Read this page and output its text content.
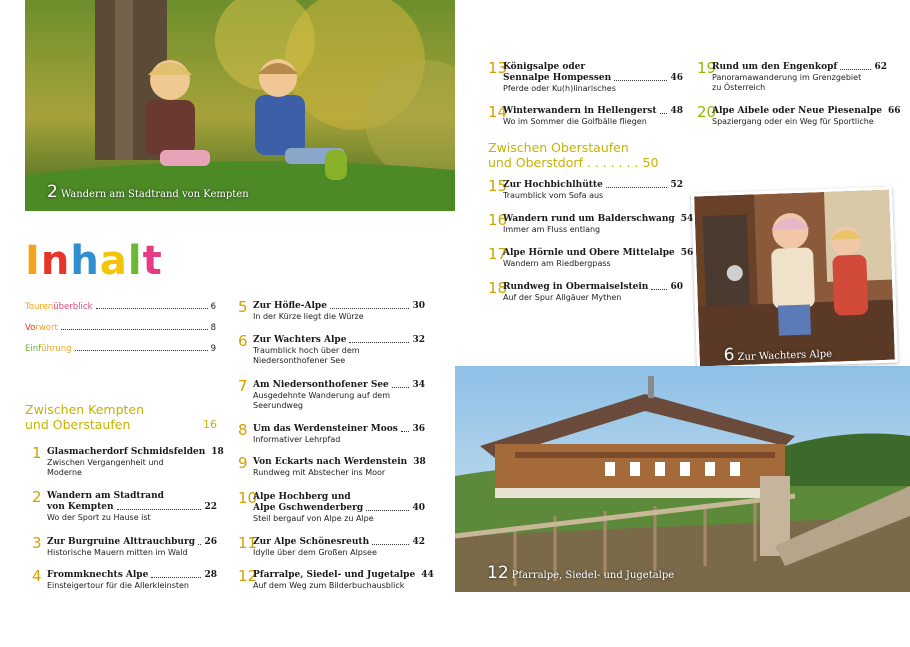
2 Wandern am Stadtrand von Kempten
6 Zur Wachters Alpe
12 Pfarralpe, Siedel- und Jugetalpe
Inhalt
Tourenüberblick	6
Vorwort	8
Einführung	9
Zwischen Kempten
und Oberstaufen	16
Zwischen Oberstaufen
und Oberstdorf . . . . . . . 50
1 Glasmacherdorf Schmidsfelden 18
Zwischen Vergangenheit und
Moderne
2 Wandern am Stadtrand
von Kempten	22
Wo der Sport zu Hause ist
3 Zur Burgruine Alttrauchburg 26
Historische Mauern mitten im Wald
4 Frommknechts Alpe	28
Einsteigertour für die Allerkleinsten
5 Zur Höfle-Alpe	30
In der Kürze liegt die Würze
6 Zur Wachters Alpe	32
Traumblick hoch über dem
Niedersonthofener See
7 Am Niedersonthofener See	34
Ausgedehnte Wanderung auf dem
Seerundweg
8 Um das Werdensteiner Moos 36
Informativer Lehrpfad
9 Von Eckarts nach Werdenstein 38
Rundweg mit Abstecher ins Moor
10
Alpe Hochberg und
Alpe Gschwenderberg	40
Steil bergauf von Alpe zu Alpe
11
Zur Alpe Schönesreuth	42
Idylle über dem Großen Alpsee
12
Pfarralpe, Siedel- und Jugetalpe 44
Auf dem Weg zum Bilderbuchausblick
13
Königsalpe oder
Sennalpe Hompessen	46
Pferde oder Ku(h)linarisches
14
Winterwandern in Hellengerst 48
Wo im Sommer die Golfbälle fliegen
15
Zur Hochbichlhütte	52
Traumblick vom Sofa aus
16
Wandern rund um Balderschwang 54
Immer am Fluss entlang
17
Alpe Hörnle und Obere Mittelalpe 56
Wandern am Riedbergpass
18
Rundweg in Obermaiselstein 60
Auf der Spur Allgäuer Mythen
19
Rund um den Engenkopf	62
Panoramawanderung im Grenzgebiet
zu Österreich
20
Alpe Aibele oder Neue Piesenalpe 66
Spaziergang oder ein Weg für Sportliche
